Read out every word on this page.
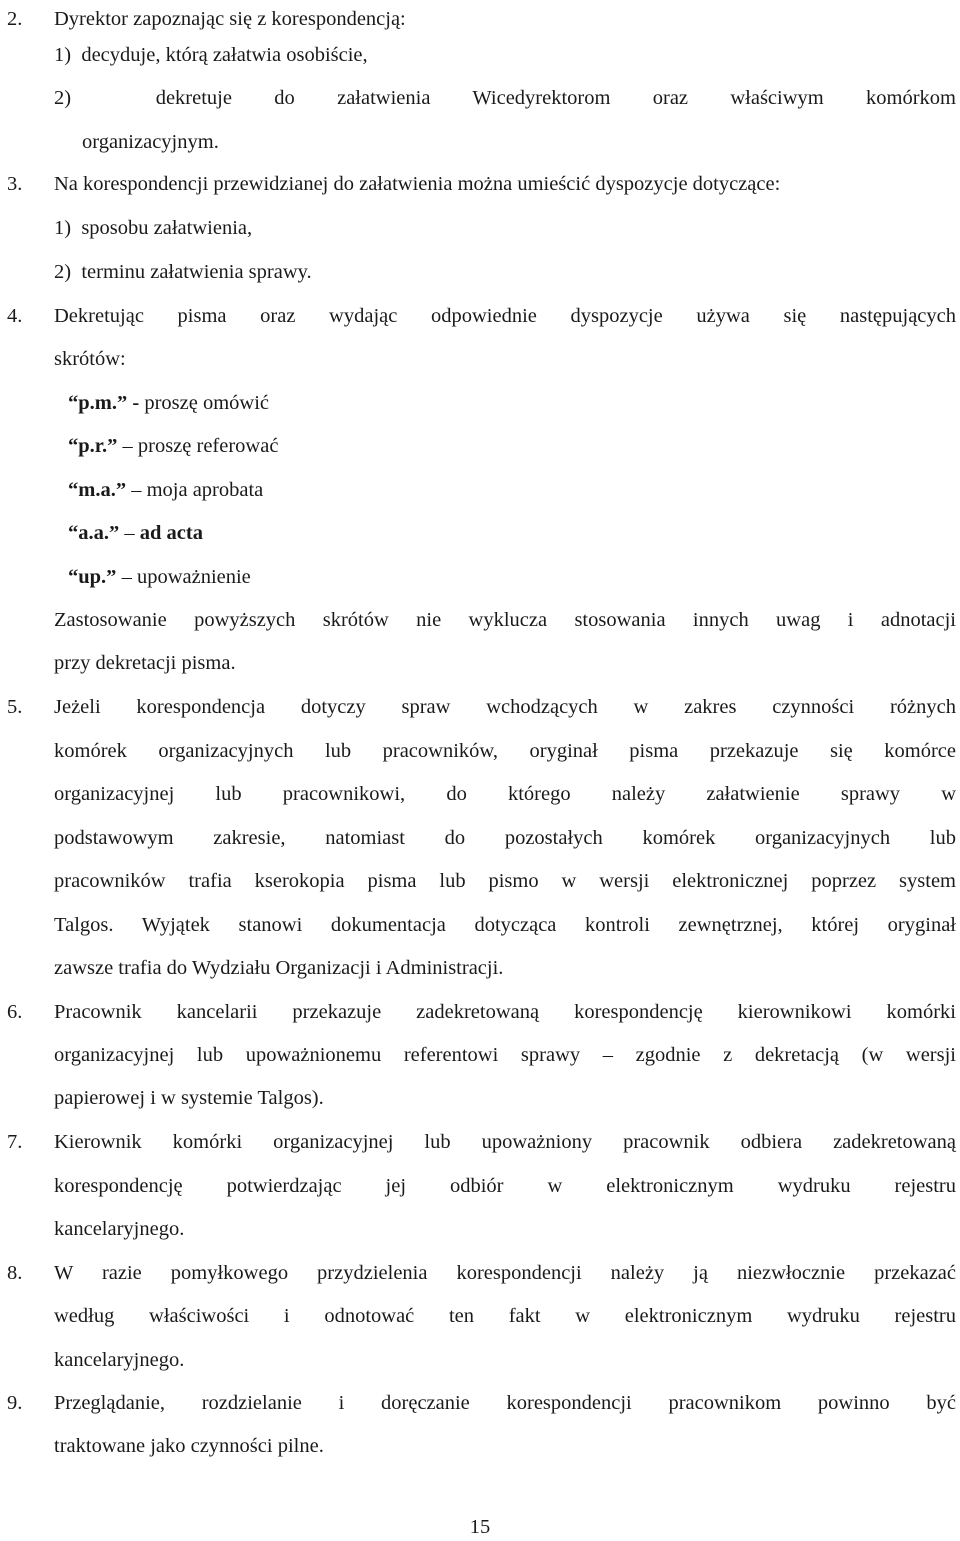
2. Dyrektor zapoznając się z korespondencją:
1)  decyduje, którą załatwia osobiście,
2)  dekretuje do załatwienia Wicedyrektorom oraz właściwym komórkom
organizacyjnym.
3. Na korespondencji przewidzianej do załatwienia można umieścić dyspozycje dotyczące:
1)  sposobu załatwienia,
2)  terminu załatwienia sprawy.
4. Dekretując pisma oraz wydając odpowiednie dyspozycje używa się następujących
skrótów:
“p.m.” - proszę omówić
“p.r.” – proszę referować
“m.a.” – moja aprobata
“a.a.” – ad acta
“up.” – upoważnienie
Zastosowanie powyższych skrótów nie wyklucza stosowania innych uwag i adnotacji
przy dekretacji pisma.
5. Jeżeli korespondencja dotyczy spraw wchodzących w zakres czynności różnych
komórek organizacyjnych lub pracowników, oryginał pisma przekazuje się komórce
organizacyjnej lub pracownikowi, do którego należy załatwienie sprawy w
podstawowym zakresie, natomiast do pozostałych komórek organizacyjnych lub
pracowników trafia kserokopia pisma lub pismo w wersji elektronicznej poprzez system
Talgos. Wyjątek stanowi dokumentacja dotycząca kontroli zewnętrznej, której oryginał
zawsze trafia do Wydziału Organizacji i Administracji.
6. Pracownik kancelarii przekazuje zadekretowaną korespondencję kierownikowi komórki
organizacyjnej lub upoważnionemu referentowi sprawy – zgodnie z dekretacją (w wersji
papierowej i w systemie Talgos).
7. Kierownik komórki organizacyjnej lub upoważniony pracownik odbiera zadekretowaną
korespondencję potwierdzając jej odbiór w elektronicznym wydruku rejestru
kancelaryjnego.
8. W razie pomyłkowego przydzielenia korespondencji należy ją niezwłocznie przekazać
według właściwości i odnotować ten fakt w elektronicznym wydruku rejestru
kancelaryjnego.
9. Przeglądanie, rozdzielanie i doręczanie korespondencji pracownikom powinno być
traktowane jako czynności pilne.
15
